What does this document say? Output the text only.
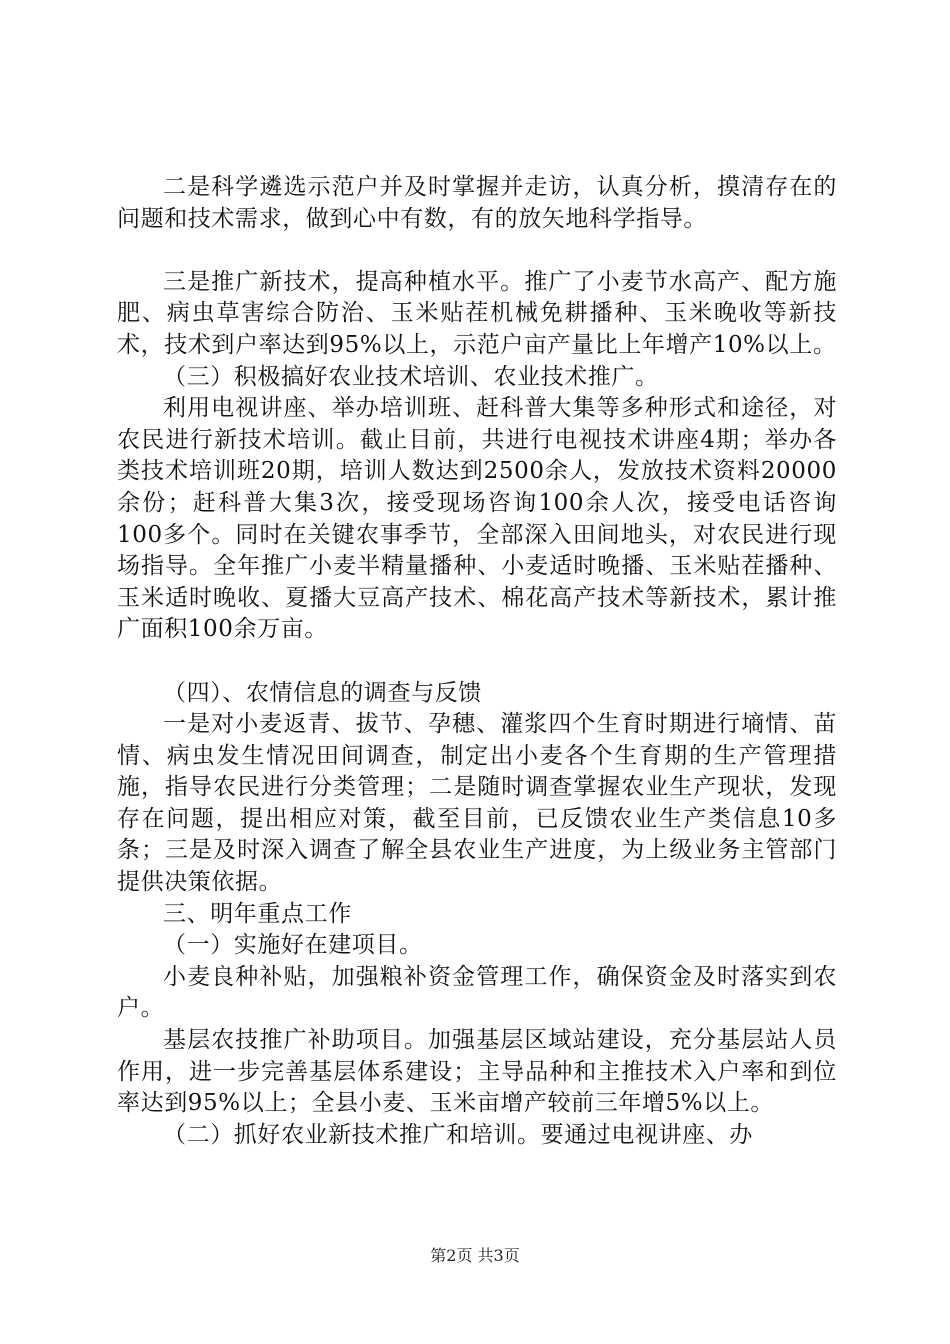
二是科学遴选示范户并及时掌握并走访，认真分析，摸清存在的问题和技术需求，做到心中有数，有的放矢地科学指导。

三是推广新技术，提高种植水平。推广了小麦节水高产、配方施肥、病虫草害综合防治、玉米贴茬机械免耕播种、玉米晚收等新技术，技术到户率达到95%以上，示范户亩产量比上年增产10%以上。

（三）积极搞好农业技术培训、农业技术推广。

利用电视讲座、举办培训班、赶科普大集等多种形式和途径，对农民进行新技术培训。截止目前，共进行电视技术讲座4期；举办各类技术培训班20期，培训人数达到2500余人，发放技术资料20000余份；赶科普大集3次，接受现场咨询100余人次，接受电话咨询100多个。同时在关键农事季节，全部深入田间地头，对农民进行现场指导。全年推广小麦半精量播种、小麦适时晚播、玉米贴茬播种、玉米适时晚收、夏播大豆高产技术、棉花高产技术等新技术，累计推广面积100余万亩。

（四）、农情信息的调查与反馈

一是对小麦返青、拔节、孕穗、灌浆四个生育时期进行墒情、苗情、病虫发生情况田间调查，制定出小麦各个生育期的生产管理措施，指导农民进行分类管理；二是随时调查掌握农业生产现状，发现存在问题，提出相应对策，截至目前，已反馈农业生产类信息10多条；三是及时深入调查了解全县农业生产进度，为上级业务主管部门提供决策依据。

三、明年重点工作

（一）实施好在建项目。

小麦良种补贴，加强粮补资金管理工作，确保资金及时落实到农户。

基层农技推广补助项目。加强基层区域站建设，充分基层站人员作用，进一步完善基层体系建设；主导品种和主推技术入户率和到位率达到95%以上；全县小麦、玉米亩增产较前三年增5%以上。

（二）抓好农业新技术推广和培训。要通过电视讲座、办

第2页 共3页
